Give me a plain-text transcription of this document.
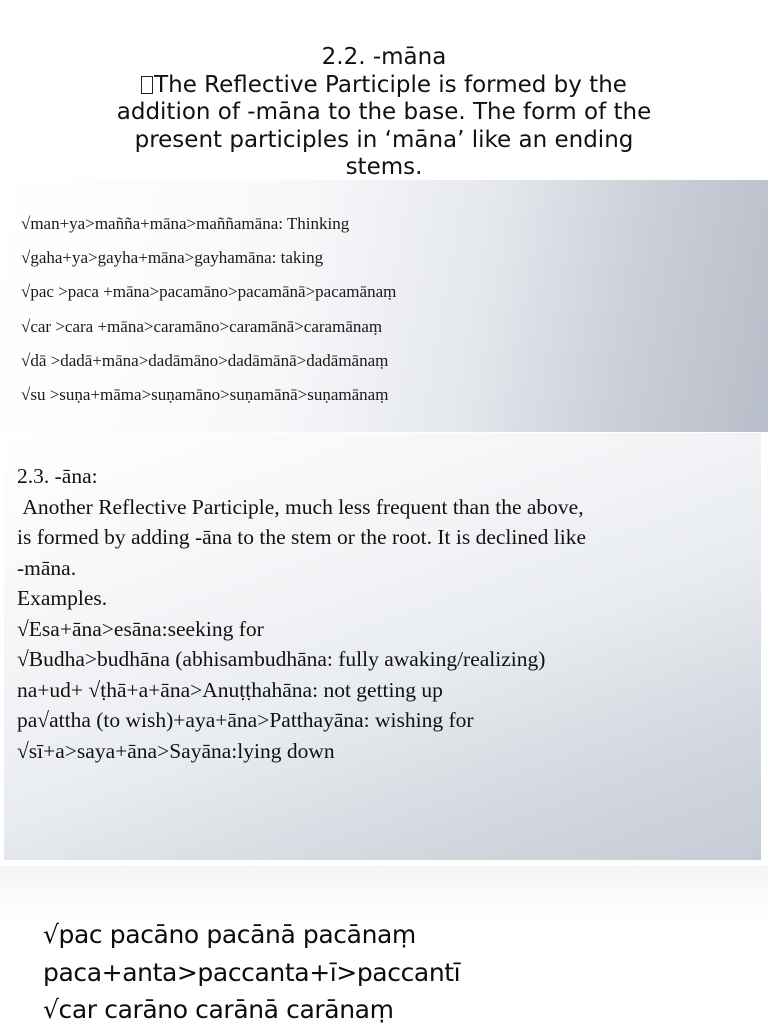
2.2. -māna
The Reflective Participle is formed by the
addition of -māna to the base. The form of the
present participles in ‘māna’ like an ending
stems.
√man+ya>mañña+māna>maññamāna: Thinking
√gaha+ya>gayha+māna>gayhamāna: taking
√pac >paca +māna>pacamāno>pacamānā>pacamānaṃ
√car >cara +māna>caramāno>caramānā>caramānaṃ
√dā >dadā+māna>dadāmāno>dadāmānā>dadāmānaṃ
√su >suṇa+māma>suṇamāno>suṇamānā>suṇamānaṃ
2.3. -āna:
Another Reflective Participle, much less frequent than the above,
is formed by adding -āna to the stem or the root. It is declined like
-māna.
Examples.
√Esa+āna>esāna:seeking for
√Budha>budhāna (abhisambudhāna: fully awaking/realizing)
na+ud+ √ṭhā+a+āna>Anuṭṭhahāna: not getting up
pa√attha (to wish)+aya+āna>Patthayāna: wishing for
√sī+a>saya+āna>Sayāna:lying down
√pac pacāno pacānā pacānaṃ
paca+anta>paccanta+ī>paccantī
√car carāno carānā carānaṃ
